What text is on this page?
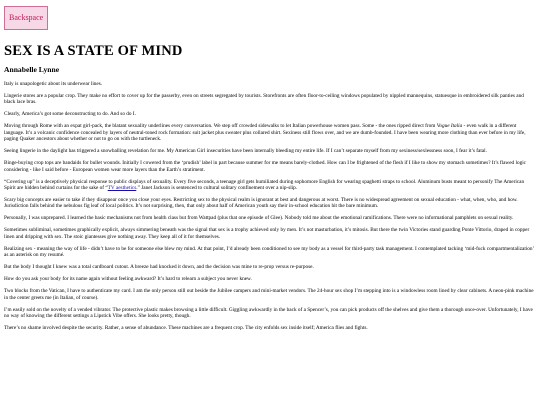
Backspace
SEX IS A STATE OF MIND
Annabelle Lynne

Italy is unapologetic about its underwear lines.

Lingerie stores are a popular crop. They make no effort to cover up for the passerby, even on streets segregated by tourists. Storefronts are often floor-to-ceiling windows populated by nippled mannequins, statuesque in embroidered silk panties and black lace bras.

Clearly, America’s got some deconstructing to do. And so do I.

Moving through Rome with an expat girl-pack, the blatant sexuality underlines every conversation. We step off crowded sidewalks to let Italian powerhouse women pass. Some - the ones ripped direct from Vogue Italia - even walk in a different language. It’s a volcanic confidence concealed by layers of neutral-toned rock formation: suit jacket plus sweater plus collared shirt. Sexiness still flows over, and we are dumb-founded. I have been wearing more clothing than ever before in my life, paging Quaker ancestors about whether or not to go on with the turtleneck.

Seeing lingerie in the daylight has triggered a snowballing revelation for me. My American Girl insecurities have been internally bleeding my entire life. If I can’t separate myself from my sexiness/sexlessness soon, I fear it’s fatal.

Binge-buying crop tops are bandaids for bullet wounds. Initially I cowered from the ‘prudish’ label in part because summer for me means barely-clothed. How can I be frightened of the flesh if I like to show my stomach sometimes? It’s flawed logic considering - like I said before - European women wear more layers than the Earth’s stratiment.

“Covering up” is a deceptively physical response to public displays of sexuality. Every five seconds, a teenage girl gets humiliated during sophomore English for wearing spaghetti straps to school. Aluminum busts meant to personify The American Spirit are hidden behind curtains for the sake of “TV aesthetics.” Janet Jackson is sentenced to cultural solitary confinement over a nip-slip.

Scary big concepts are easier to take if they disappear once you close your eyes. Restricting sex to the physical realm is ignorant at best and dangerous at worst. There is no widespread agreement on sexual education - what, when, who, and how. Jurisdiction falls behind the nebulous fig leaf of local politics. It’s not surprising, then, that only about half of American youth say their in-school education hit the bare minimum.

Personally, I was unprepared. I learned the basic mechanisms not from health class but from Wattpad (plus that one episode of Glee). Nobody told me about the emotional ramifications. There were no informational pamphlets on sexual reality.

Sometimes subliminal, sometimes graphically explicit, always simmering beneath was the signal that sex is a trophy achieved only by men. It’s not masturbation, it’s mitosis. But there the twin Victories stand guarding Ponte Vittorio, draped in copper linen and dripping with sex. The stoic giantesses give nothing away. They keep all of it for themselves.

Realizing sex - meaning the way of life - didn’t have to be for someone else blew my mind. At that point, I’d already been conditioned to see my body as a vessel for third-party task management. I contemplated tacking ‘mid-fuck compartmentalization’ as an asterisk on my resumé.

But the body I thought I knew was a total cardboard cutout. A breeze had knocked it down, and the decision was mine to re-prop versus re-purpose.

How do you ask your body for its name again without feeling awkward? It’s hard to relearn a subject you never knew.

Two blocks from the Vatican, I have to authenticate my card. I am the only person still out beside the Jubilee campers and mini-market vendors. The 24-hour sex shop I’m stepping into is a windowless room lined by clear cabinets. A neon-pink machine in the center greets me (in Italian, of course).

I’m easily sold on the novelty of a vended vibrator. The protective plastic makes browsing a little difficult. Giggling awkwardly in the back of a Spencer’s, you can pick products off the shelves and give them a thorough once-over. Unfortunately, I have no way of knowing the different settings a Lipstick Vibe offers. She looks pretty, though.

There’s no shame involved despite the security. Rather, a sense of abundance. These machines are a frequent crop. The city enfolds sex inside itself; America flies and fights.
